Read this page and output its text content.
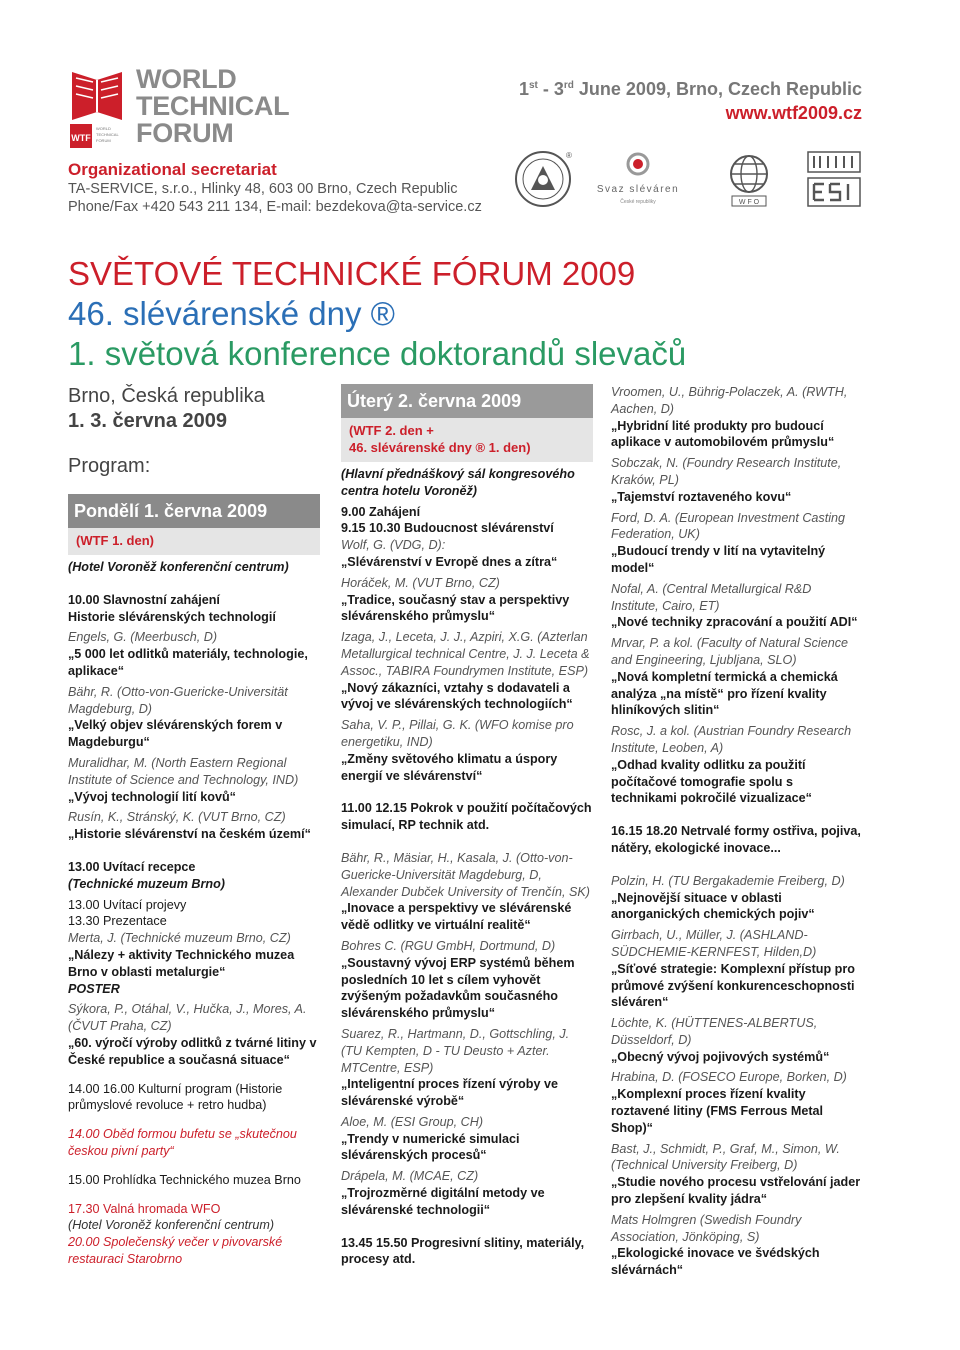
WTF
WORLD
TECHNICAL
FORUM
WORLD
TECHNICAL
FORUM
Organizational secretariat
TA-SERVICE, s.r.o., Hlinky 48, 603 00 Brno, Czech Republic
Phone/Fax +420 543 211 134, E-mail: bezdekova@ta-service.cz
1st - 3rd June 2009, Brno, Czech Republic
www.wtf2009.cz
®
Svaz sléváren
České republiky	W F O
SVĚTOVÉ TECHNICKÉ FÓRUM 2009
46. slévárenské dny ®
1. světová konference doktorandů slevačů
Brno, Česká republika
1. 3. června 2009
Program:
Pondělí 1. června 2009
(WTF 1. den)
(Hotel Voroněž konferenční centrum)
10.00 Slavnostní zahájení
Historie slévárenských technologií
Engels, G. (Meerbusch, D)
„5 000 let odlitků materiály, technologie, aplikace“
Bähr, R. (Otto-von-Guericke-Universität Magdeburg, D)
„Velký objev slévárenských forem v Magdeburgu“
Muralidhar, M. (North Eastern Regional Institute of Science and Technology, IND)
„Vývoj technologií lití kovů“
Rusín, K., Stránský, K. (VUT Brno, CZ)
„Historie slévárenství na českém území“
13.00 Uvítací recepce
(Technické muzeum Brno)
13.00 Uvítací projevy
13.30 Prezentace
Merta, J. (Technické muzeum Brno, CZ)
„Nálezy + aktivity Technického muzea Brno v oblasti metalurgie“
POSTER
Sýkora, P., Otáhal, V., Hučka, J., Mores, A. (ČVUT Praha, CZ)
„60. výročí výroby odlitků z tvárné litiny v České republice a současná situace“
14.00 16.00 Kulturní program (Historie průmyslové revoluce + retro hudba)
14.00 Oběd formou bufetu se „skutečnou českou pivní party“
15.00 Prohlídka Technického muzea Brno
17.30 Valná hromada WFO
(Hotel Voroněž konferenční centrum)
20.00 Společenský večer v pivovarské restauraci Starobrno
Úterý 2. června 2009
(WTF 2. den +
46. slévárenské dny ® 1. den)
(Hlavní přednáškový sál kongresového centra hotelu Voroněž)
9.00 Zahájení
9.15 10.30 Budoucnost slévárenství
Wolf, G. (VDG, D):
„Slévárenství v Evropě dnes a zítra“
Horáček, M. (VUT Brno, CZ)
„Tradice, současný stav a perspektivy slévárenského průmyslu“
Izaga, J., Leceta, J. J., Azpiri, X.G. (Azterlan Metallurgical technical Centre, J. J. Leceta & Assoc., TABIRA Foundrymen Institute, ESP)
„Nový zákazníci, vztahy s dodavateli a vývoj ve slévárenských technologiích“
Saha, V. P., Pillai, G. K. (WFO komise pro energetiku, IND)
„Změny světového klimatu a úspory energií ve slévárenství“
11.00 12.15 Pokrok v použití počítačových simulací, RP technik atd.
Bähr, R., Mäsiar, H., Kasala, J. (Otto-von-Guericke-Universität Magdeburg, D, Alexander Dubček University of Trenčín, SK)
„Inovace a perspektivy ve slévárenské vědě odlitky ve virtuální realitě“
Bohres C. (RGU GmbH, Dortmund, D)
„Soustavný vývoj ERP systémů během posledních 10 let s cílem vyhovět zvýšeným požadavkům současného slévárenského průmyslu“
Suarez, R., Hartmann, D., Gottschling, J. (TU Kempten, D - TU Deusto + Azter. MTCentre, ESP)
„Inteligentní proces řízení výroby ve slévárenské výrobě“
Aloe, M. (ESI Group, CH)
„Trendy v numerické simulaci slévárenských procesů“
Drápela, M. (MCAE, CZ)
„Trojrozměrné digitální metody ve slévárenské technologii“
13.45 15.50 Progresivní slitiny, materiály, procesy atd.
Vroomen, U., Bührig-Polaczek, A. (RWTH, Aachen, D)
„Hybridní lité produkty pro budoucí aplikace v automobilovém průmyslu“
Sobczak, N. (Foundry Research Institute, Kraków, PL)
„Tajemství roztaveného kovu“
Ford, D. A. (European Investment Casting Federation, UK)
„Budoucí trendy v lití na vytavitelný model“
Nofal, A. (Central Metallurgical R&D Institute, Cairo, ET)
„Nové techniky zpracování a použití ADI“
Mrvar, P. a kol. (Faculty of Natural Science and Engineering, Ljubljana, SLO)
„Nová kompletní termická a chemická analýza „na místě“ pro řízení kvality hliníkových slitin“
Rosc, J. a kol. (Austrian Foundry Research Institute, Leoben, A)
„Odhad kvality odlitku za použití počítačové tomografie spolu s technikami pokročilé vizualizace“
16.15 18.20 Netrvalé formy ostřiva, pojiva, nátěry, ekologické inovace...
Polzin, H. (TU Bergakademie Freiberg, D)
„Nejnovější situace v oblasti anorganických chemických pojiv“
Girrbach, U., Müller, J. (ASHLAND-SÜDCHEMIE-KERNFEST, Hilden,D)
„Síťové strategie: Komplexní přístup pro průmové zvýšení konkurenceschopnosti sléváren“
Löchte, K. (HÜTTENES-ALBERTUS, Düsseldorf, D)
„Obecný vývoj pojivových systémů“
Hrabina, D. (FOSECO Europe, Borken, D)
„Komplexní proces řízení kvality roztavené litiny (FMS Ferrous Metal Shop)“
Bast, J., Schmidt, P., Graf, M., Simon, W. (Technical University Freiberg, D)
„Studie nového procesu vstřelování jader pro zlepšení kvality jádra“
Mats Holmgren (Swedish Foundry Association, Jönköping, S)
„Ekologické inovace ve švédských slévárnách“
